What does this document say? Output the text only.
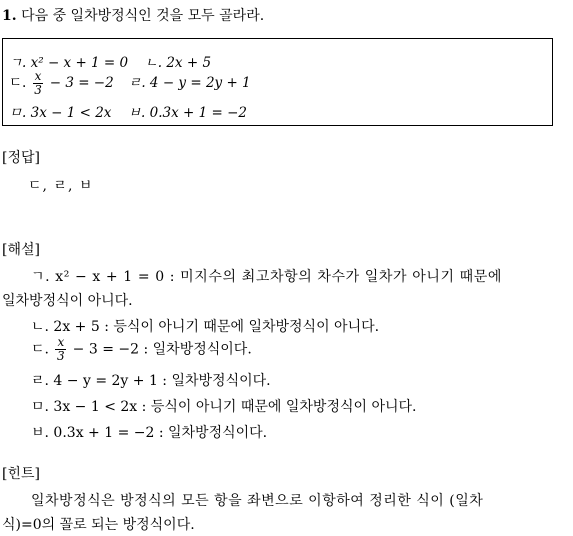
1. 다음 중 일차방정식인 것을 모두 골라라.
ㄱ. x² − x + 1 = 0 ㄴ. 2x + 5
ㄷ. $\frac{x}{3} - 3 = -2$ ㄹ. 4 − y = 2y + 1
ㅁ. 3x − 1 < 2x ㅂ. 0.3x + 1 = −2
[정답]
ㄷ, ㄹ, ㅂ
[해설]
ㄱ. x² − x + 1 = 0 : 미지수의 최고차항의 차수가 일차가 아니기 때문에
일차방정식이 아니다.
ㄴ. 2x + 5 : 등식이 아니기 때문에 일차방정식이 아니다.
ㄷ. $\frac{x}{3} - 3 = -2$ : 일차방정식이다.
ㄹ. 4 − y = 2y + 1 : 일차방정식이다.
ㅁ. 3x − 1 < 2x : 등식이 아니기 때문에 일차방정식이 아니다.
ㅂ. 0.3x + 1 = −2 : 일차방정식이다.
[힌트]
일차방정식은 방정식의 모든 항을 좌변으로 이항하여 정리한 식이 (일차
식)=0의 꼴로 되는 방정식이다.
